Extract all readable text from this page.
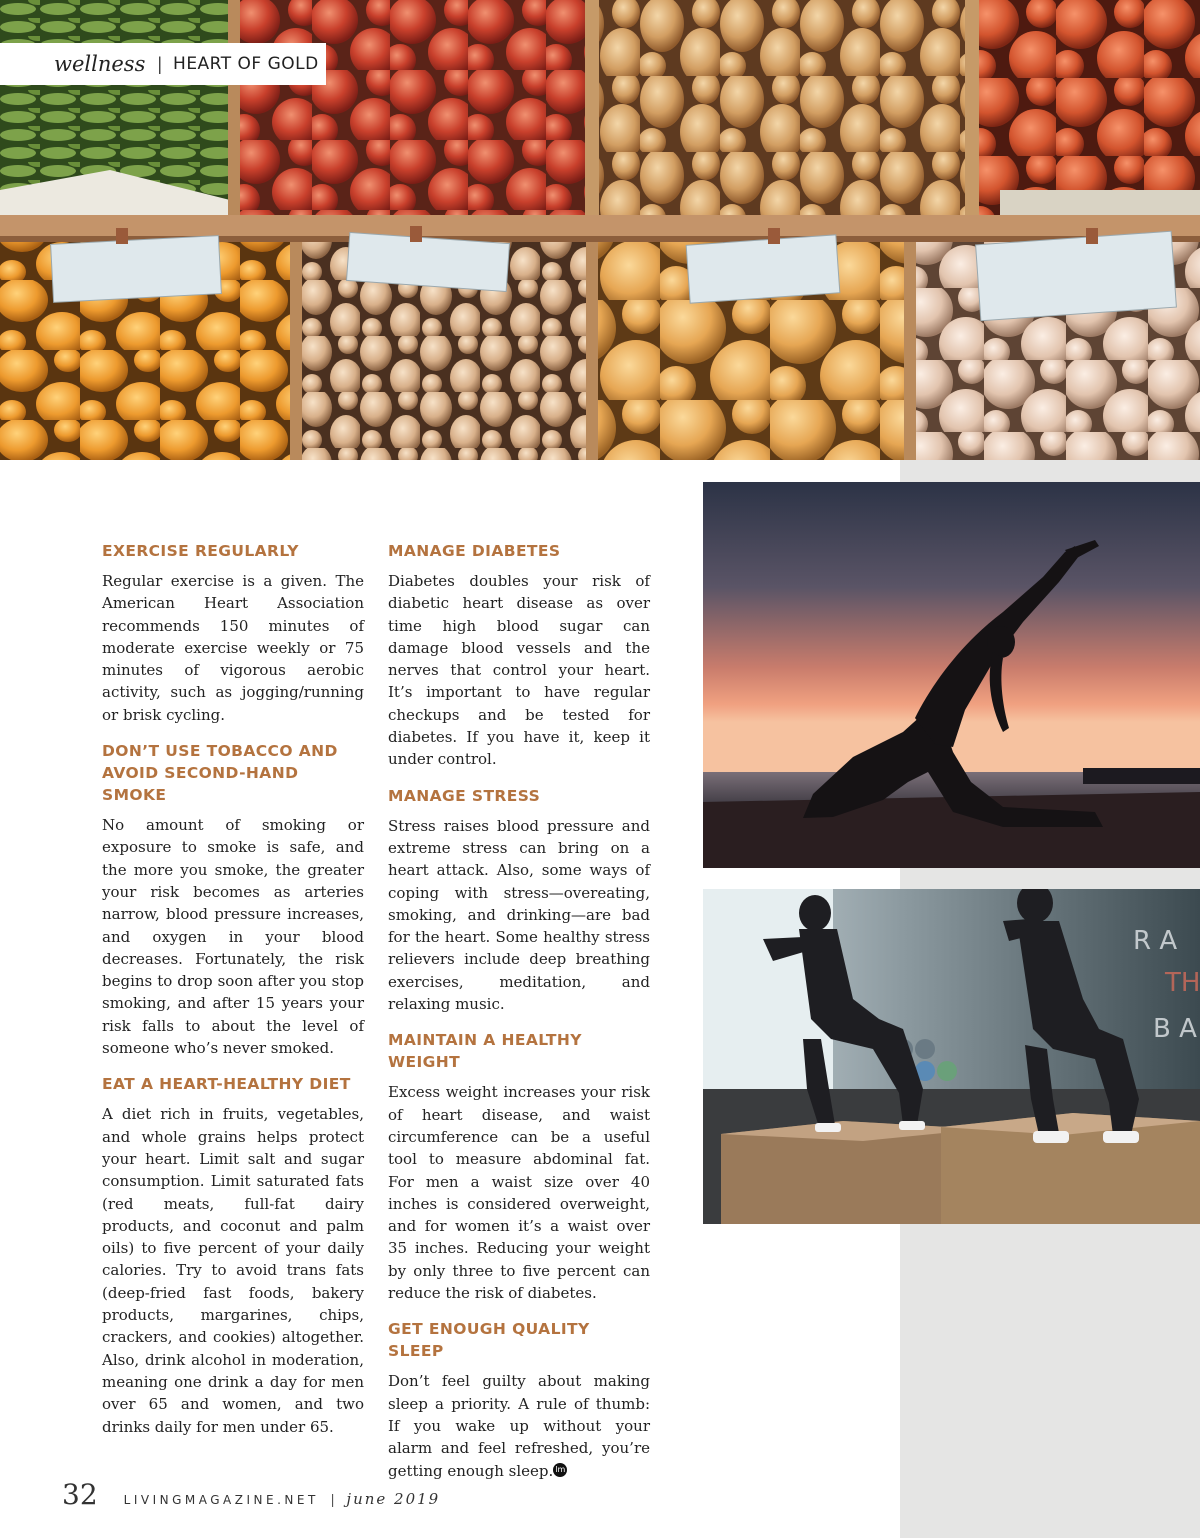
wellness | HEART OF GOLD
R A
TH
B A
EXERCISE REGULARLY

Regular exercise is a given. The American Heart Association recommends 150 minutes of moderate exercise weekly or 75 minutes of vigorous aerobic activity, such as jogging/running or brisk cycling.

DON’T USE TOBACCO AND AVOID SECOND-HAND SMOKE

No amount of smoking or exposure to smoke is safe, and the more you smoke, the greater your risk becomes as arteries narrow, blood pressure increases, and oxygen in your blood decreases. Fortunately, the risk begins to drop soon after you stop smoking, and after 15 years your risk falls to about the level of someone who’s never smoked.

EAT A HEART-HEALTHY DIET

A diet rich in fruits, vegetables, and whole grains helps protect your heart. Limit salt and sugar consumption. Limit saturated fats (red meats, full-fat dairy products, and coconut and palm oils) to five percent of your daily calories. Try to avoid trans fats (deep-fried fast foods, bakery products, margarines, chips, crackers, and cookies) altogether. Also, drink alcohol in moderation, meaning one drink a day for men over 65 and women, and two drinks daily for men under 65.

MANAGE DIABETES

Diabetes doubles your risk of diabetic heart disease as over time high blood sugar can damage blood vessels and the nerves that control your heart. It’s important to have regular checkups and be tested for diabetes. If you have it, keep it under control.

MANAGE STRESS

Stress raises blood pressure and extreme stress can bring on a heart attack. Also, some ways of coping with stress—overeating, smoking, and drinking—are bad for the heart. Some healthy stress relievers include deep breathing exercises, meditation, and relaxing music.

MAINTAIN A HEALTHY WEIGHT

Excess weight increases your risk of heart disease, and waist circumference can be a useful tool to measure abdominal fat. For men a waist size over 40 inches is considered overweight, and for women it’s a waist over 35 inches. Reducing your weight by only three to five percent can reduce the risk of diabetes.

GET ENOUGH QUALITY SLEEP

Don’t feel guilty about making sleep a priority. A rule of thumb: If you wake up without your alarm and feel refreshed, you’re getting enough sleep. lm

32 LIVINGMAGAZINE.NET | june 2019
